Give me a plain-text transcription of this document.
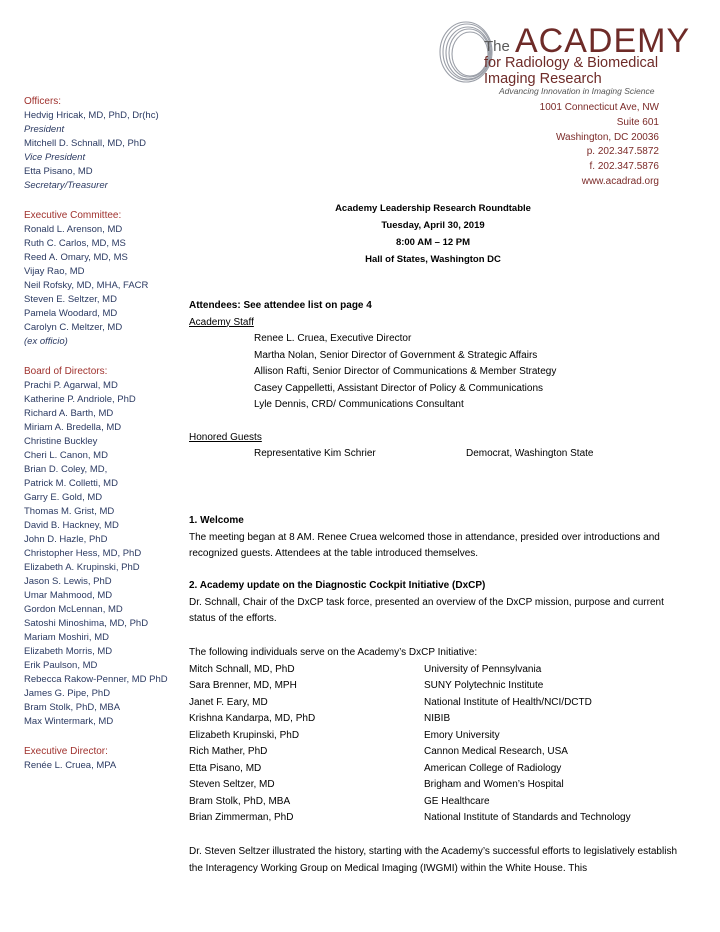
The ACADEMY
for Radiology & Biomedical
Imaging Research
Advancing Innovation in Imaging Science
1001 Connecticut Ave, NW
Suite 601
Washington, DC 20036
p. 202.347.5872
f. 202.347.5876
www.acadrad.org
Officers:
Hedvig Hricak, MD, PhD, Dr(hc)
President
Mitchell D. Schnall, MD, PhD
Vice President
Etta Pisano, MD
Secretary/Treasurer
Executive Committee:
Ronald L. Arenson, MD
Ruth C. Carlos, MD, MS
Reed A. Omary, MD, MS
Vijay Rao, MD
Neil Rofsky, MD, MHA, FACR
Steven E. Seltzer, MD
Pamela Woodard, MD
Carolyn C. Meltzer, MD
(ex officio)
Board of Directors:
Prachi P. Agarwal, MD
Katherine P. Andriole, PhD
Richard A. Barth, MD
Miriam A. Bredella, MD
Christine Buckley
Cheri L. Canon, MD
Brian D. Coley, MD,
Patrick M. Colletti, MD
Garry E. Gold, MD
Thomas M. Grist, MD
David B. Hackney, MD
John D. Hazle, PhD
Christopher Hess, MD, PhD
Elizabeth A. Krupinski, PhD
Jason S. Lewis, PhD
Umar Mahmood, MD
Gordon McLennan, MD
Satoshi Minoshima, MD, PhD
Mariam Moshiri, MD
Elizabeth Morris, MD
Erik Paulson, MD
Rebecca Rakow-Penner, MD PhD
James G. Pipe, PhD
Bram Stolk, PhD, MBA
Max Wintermark, MD
Executive Director:
Renée L. Cruea, MPA
Academy Leadership Research Roundtable
Tuesday, April 30, 2019
8:00 AM – 12 PM
Hall of States, Washington DC
Attendees: See attendee list on page 4
Academy Staff
Renee L. Cruea, Executive Director
Martha Nolan, Senior Director of Government & Strategic Affairs
Allison Rafti, Senior Director of Communications & Member Strategy
Casey Cappelletti, Assistant Director of Policy & Communications
Lyle Dennis, CRD/ Communications Consultant
Honored Guests
Representative Kim Schrier	Democrat, Washington State
1. Welcome
The meeting began at 8 AM. Renee Cruea welcomed those in attendance, presided over introductions and recognized guests. Attendees at the table introduced themselves.
2. Academy update on the Diagnostic Cockpit Initiative (DxCP)
Dr. Schnall, Chair of the DxCP task force, presented an overview of the DxCP mission, purpose and current status of the efforts.
The following individuals serve on the Academy’s DxCP Initiative:
Mitch Schnall, MD, PhD	University of Pennsylvania
Sara Brenner, MD, MPH	SUNY Polytechnic Institute
Janet F. Eary, MD	National Institute of Health/NCI/DCTD
Krishna Kandarpa, MD, PhD	NIBIB
Elizabeth Krupinski, PhD	Emory University
Rich Mather, PhD	Cannon Medical Research, USA
Etta Pisano, MD	American College of Radiology
Steven Seltzer, MD	Brigham and Women’s Hospital
Bram Stolk, PhD, MBA	GE Healthcare
Brian Zimmerman, PhD	National Institute of Standards and Technology
Dr. Steven Seltzer illustrated the history, starting with the Academy’s successful efforts to legislatively establish the Interagency Working Group on Medical Imaging (IWGMI) within the White House. This
